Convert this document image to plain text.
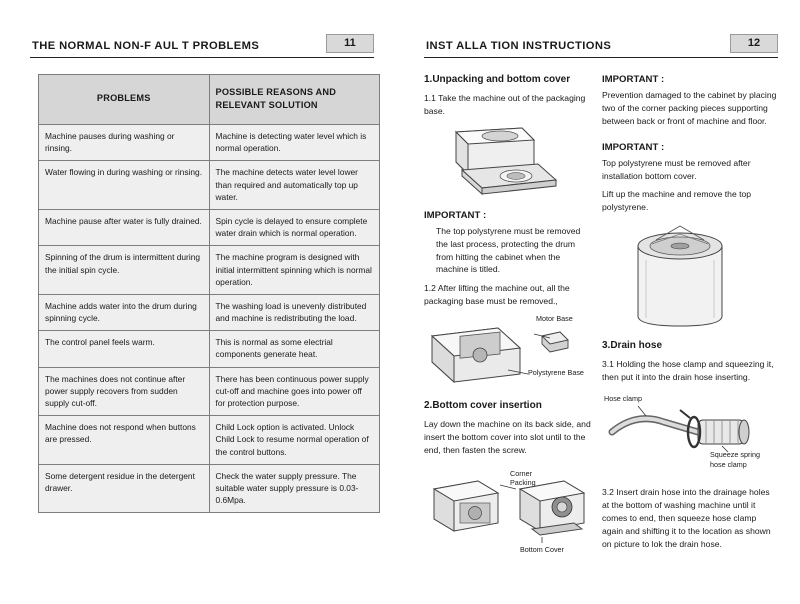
THE NORMAL NON-F AUL T PROBLEMS	11
PROBLEMS	POSSIBLE REASONS AND RELEVANT SOLUTION
Machine pauses during washing or rinsing.	Machine is detecting water level which is normal operation.
Water flowing in during washing or rinsing.	The machine detects water level lower than required and automatically top up water.
Machine pause after water is fully drained.	Spin cycle is delayed to ensure complete water drain which is normal operation.
Spinning of the drum is intermittent during the initial spin cycle.	The machine program is designed with initial intermittent spinning which is normal operation.
Machine adds water into the drum during spinning cycle.	The washing load is unevenly distributed and machine is redistributing the load.
The control panel feels warm.	This is normal as some electrial components generate heat.
The machines does not continue after power supply recovers from sudden supply cut-off.	There has been continuous power supply cut-off and machine goes into power off for protection purpose.
Machine does not respond when buttons are pressed.	Child Lock option is activated. Unlock Child Lock to resume normal operation of the control buttons.
Some detergent residue in the detergent drawer.	Check the water supply pressure. The suitable water supply pressure is 0.03-0.6Mpa.
INST ALLA TION INSTRUCTIONS	12
1.Unpacking and bottom cover

1.1 Take the machine out of the packaging base.

IMPORTANT :

The top polystyrene must be removed the last process, protecting the drum from hitting the cabinet when the machine is titled.

1.2 After lifting the machine out, all the packaging base must be removed.,

Motor Base
Polystyrene Base
2.Bottom cover insertion

Lay down the machine on its back side, and insert the bottom cover into slot until to the end, then fasten the screw.

Corner Packing
Bottom Cover
IMPORTANT :

Prevention damaged to the cabinet by placing two of the corner packing pieces supporting between back or front of machine and floor.

IMPORTANT :

Top polystyrene must be removed after installation bottom cover.

Lift up the machine and remove the top polystyrene.

3.Drain hose

3.1 Holding the hose clamp and squeezing it, then put it into the drain hose inserting.

Hose clamp
Squeeze spring hose clamp

3.2 Insert drain hose into the drainage holes at the bottom of washing machine until it comes to end, then squeeze hose clamp again and shifting it to the location as shown on picture to lok the drain hose.
